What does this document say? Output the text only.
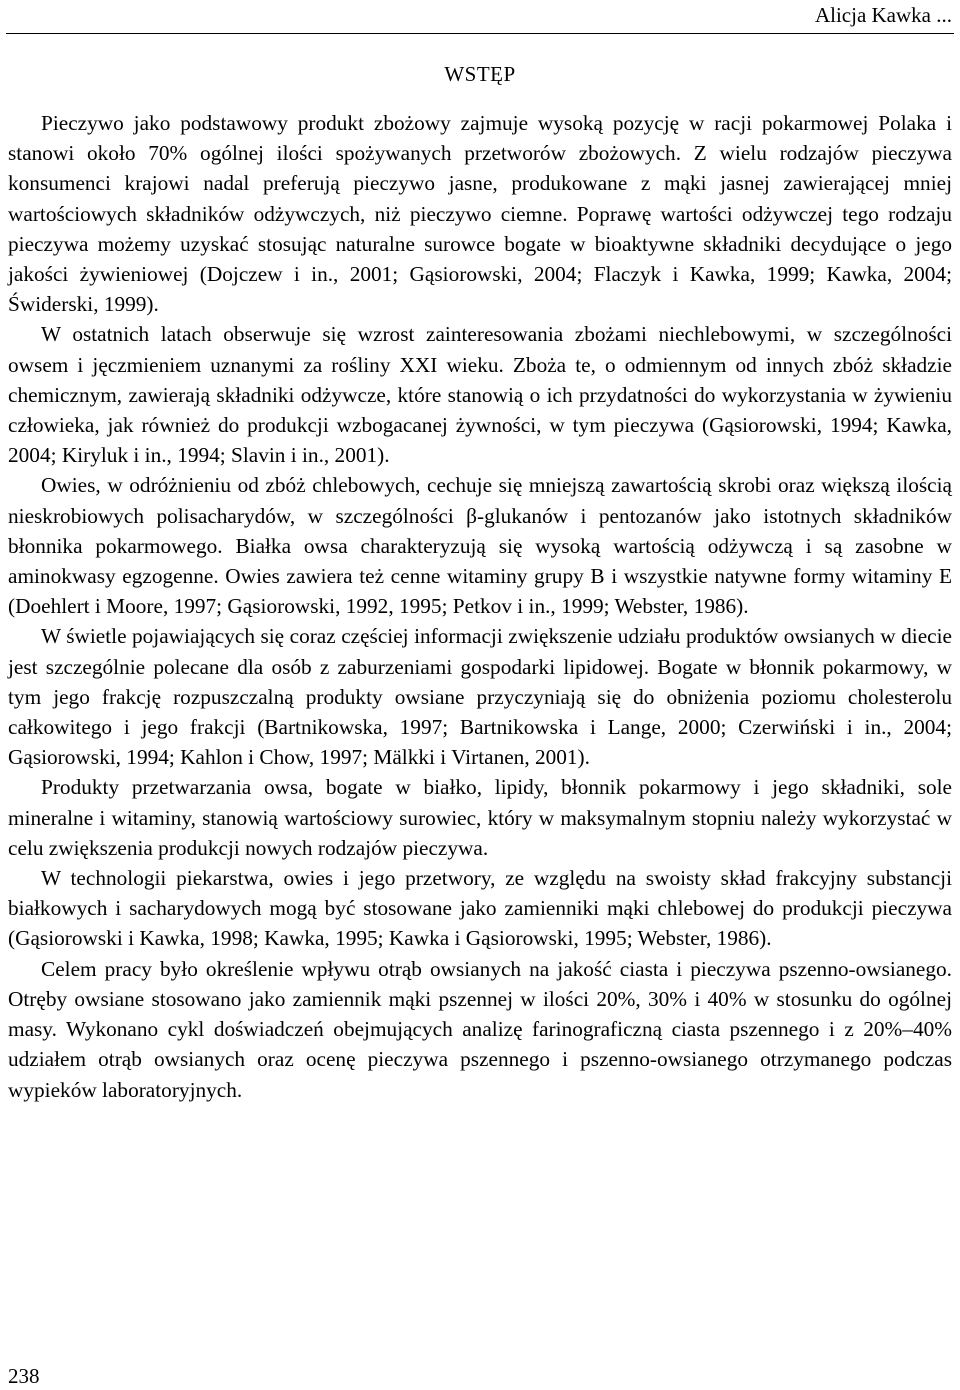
Alicja Kawka ...
WSTĘP

Pieczywo jako podstawowy produkt zbożowy zajmuje wysoką pozycję w racji pokarmowej Polaka i stanowi około 70% ogólnej ilości spożywanych przetworów zbożowych. Z wielu rodzajów pieczywa konsumenci krajowi nadal preferują pieczywo jasne, produkowane z mąki jasnej zawierającej mniej wartościowych składników odżywczych, niż pieczywo ciemne. Poprawę wartości odżywczej tego rodzaju pieczywa możemy uzyskać stosując naturalne surowce bogate w bioaktywne składniki decydujące o jego jakości żywieniowej (Dojczew i in., 2001; Gąsiorowski, 2004; Flaczyk i Kawka, 1999; Kawka, 2004; Świderski, 1999).

W ostatnich latach obserwuje się wzrost zainteresowania zbożami niechlebowymi, w szczególności owsem i jęczmieniem uznanymi za rośliny XXI wieku. Zboża te, o odmiennym od innych zbóż składzie chemicznym, zawierają składniki odżywcze, które stanowią o ich przydatności do wykorzystania w żywieniu człowieka, jak również do produkcji wzbogacanej żywności, w tym pieczywa (Gąsiorowski, 1994; Kawka, 2004; Kiryluk i in., 1994; Slavin i in., 2001).

Owies, w odróżnieniu od zbóż chlebowych, cechuje się mniejszą zawartością skrobi oraz większą ilością nieskrobiowych polisacharydów, w szczególności β-glukanów i pentozanów jako istotnych składników błonnika pokarmowego. Białka owsa charakteryzują się wysoką wartością odżywczą i są zasobne w aminokwasy egzogenne. Owies zawiera też cenne witaminy grupy B i wszystkie natywne formy witaminy E (Doehlert i Moore, 1997; Gąsiorowski, 1992, 1995; Petkov i in., 1999; Webster, 1986).

W świetle pojawiających się coraz częściej informacji zwiększenie udziału produktów owsianych w diecie jest szczególnie polecane dla osób z zaburzeniami gospodarki lipidowej. Bogate w błonnik pokarmowy, w tym jego frakcję rozpuszczalną produkty owsiane przyczyniają się do obniżenia poziomu cholesterolu całkowitego i jego frakcji (Bartnikowska, 1997; Bartnikowska i Lange, 2000; Czerwiński i in., 2004; Gąsiorowski, 1994; Kahlon i Chow, 1997; Mälkki i Virtanen, 2001).

Produkty przetwarzania owsa, bogate w białko, lipidy, błonnik pokarmowy i jego składniki, sole mineralne i witaminy, stanowią wartościowy surowiec, który w maksymalnym stopniu należy wykorzystać w celu zwiększenia produkcji nowych rodzajów pieczywa.

W technologii piekarstwa, owies i jego przetwory, ze względu na swoisty skład frakcyjny substancji białkowych i sacharydowych mogą być stosowane jako zamienniki mąki chlebowej do produkcji pieczywa (Gąsiorowski i Kawka, 1998; Kawka, 1995; Kawka i Gąsiorowski, 1995; Webster, 1986).

Celem pracy było określenie wpływu otrąb owsianych na jakość ciasta i pieczywa pszenno-owsianego. Otręby owsiane stosowano jako zamiennik mąki pszennej w ilości 20%, 30% i 40% w stosunku do ogólnej masy. Wykonano cykl doświadczeń obejmujących analizę farinograficzną ciasta pszennego i z 20%–40% udziałem otrąb owsianych oraz ocenę pieczywa pszennego i pszenno-owsianego otrzymanego podczas wypieków laboratoryjnych.

238
